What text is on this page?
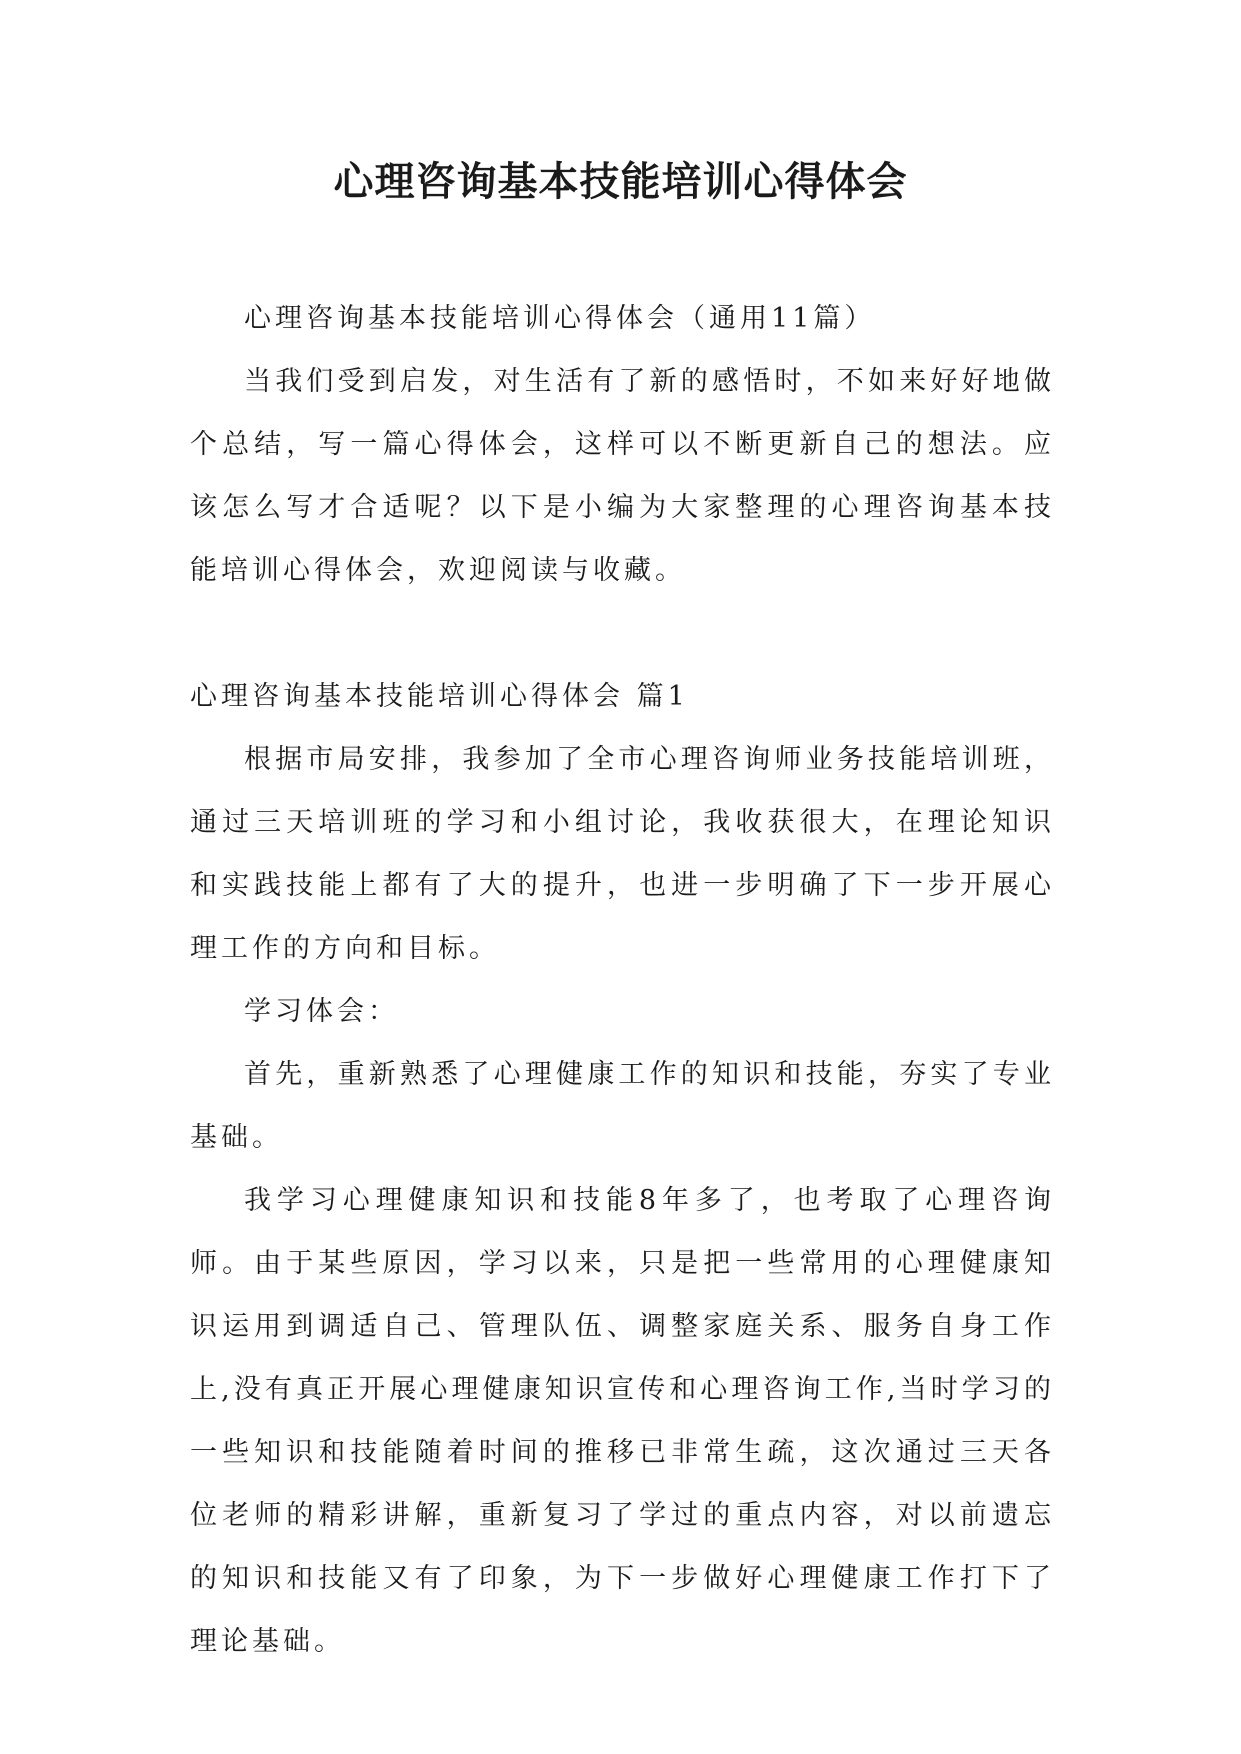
心理咨询基本技能培训心得体会

心理咨询基本技能培训心得体会（通用11篇）

当我们受到启发，对生活有了新的感悟时，不如来好好地做个总结，写一篇心得体会，这样可以不断更新自己的想法。应该怎么写才合适呢？以下是小编为大家整理的心理咨询基本技能培训心得体会，欢迎阅读与收藏。

心理咨询基本技能培训心得体会 篇1

根据市局安排，我参加了全市心理咨询师业务技能培训班，通过三天培训班的学习和小组讨论，我收获很大，在理论知识和实践技能上都有了大的提升，也进一步明确了下一步开展心理工作的方向和目标。

学习体会：

首先，重新熟悉了心理健康工作的知识和技能，夯实了专业基础。

我学习心理健康知识和技能8年多了，也考取了心理咨询师。由于某些原因，学习以来，只是把一些常用的心理健康知识运用到调适自己、管理队伍、调整家庭关系、服务自身工作上,没有真正开展心理健康知识宣传和心理咨询工作,当时学习的一些知识和技能随着时间的推移已非常生疏，这次通过三天各位老师的精彩讲解，重新复习了学过的重点内容，对以前遗忘的知识和技能又有了印象，为下一步做好心理健康工作打下了理论基础。
